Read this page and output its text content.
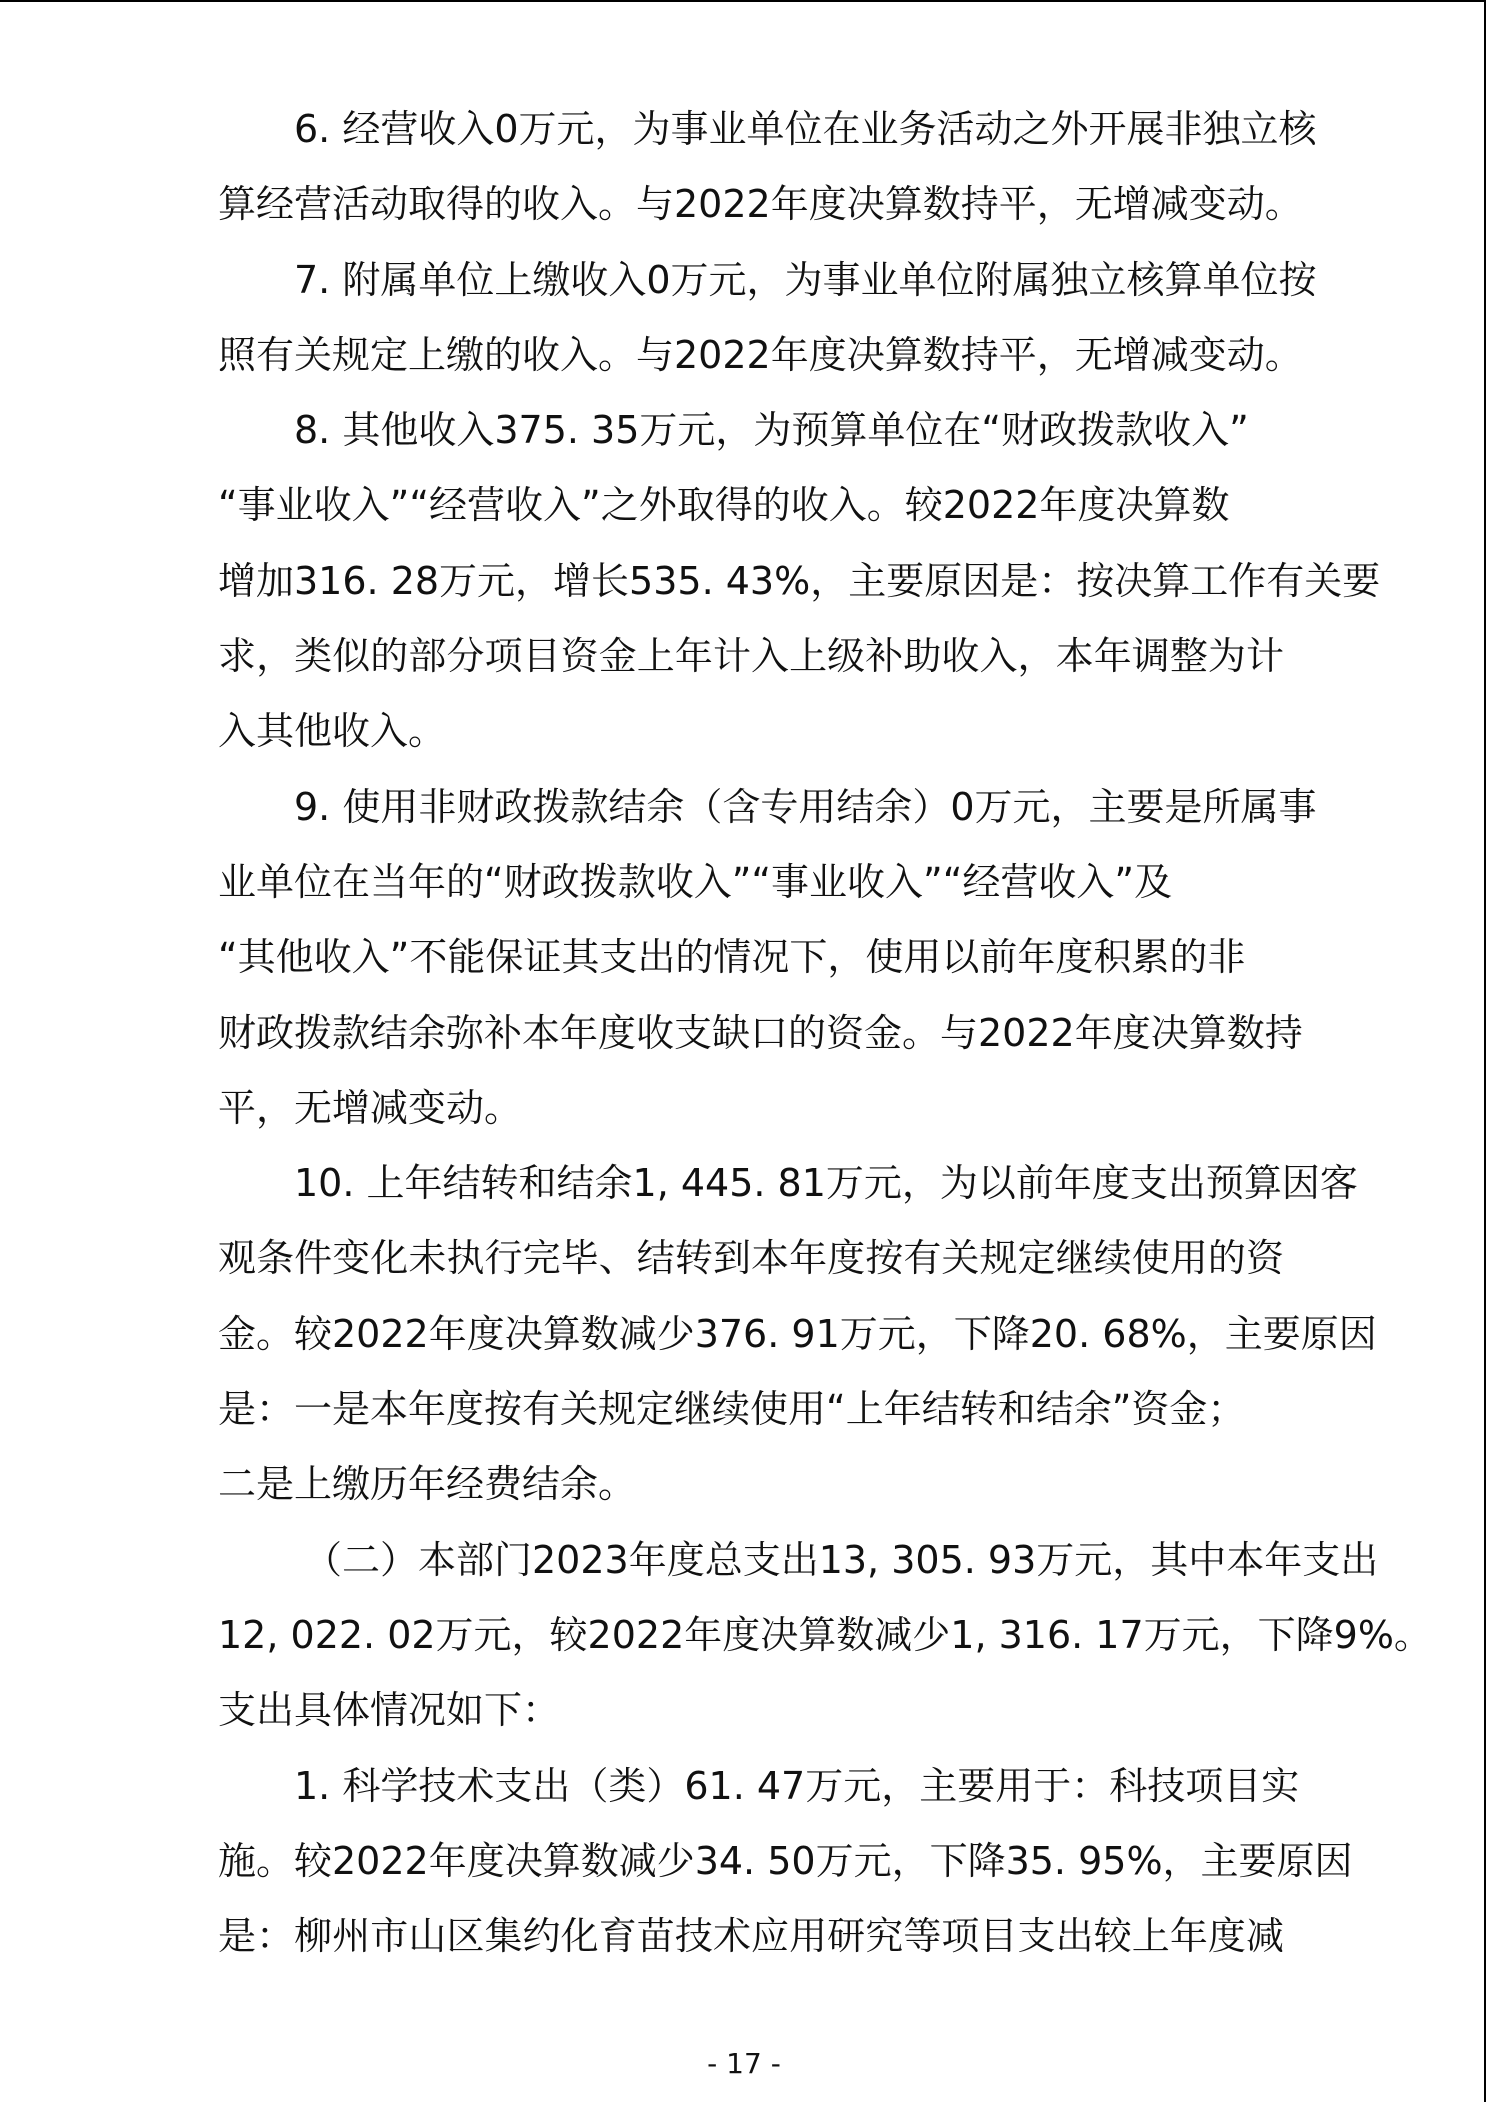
6. 经营收入0万元，为事业单位在业务活动之外开展非独立核
算经营活动取得的收入。与2022年度决算数持平，无增减变动。
7. 附属单位上缴收入0万元，为事业单位附属独立核算单位按
照有关规定上缴的收入。与2022年度决算数持平，无增减变动。
8. 其他收入375. 35万元，为预算单位在“财政拨款收入”
“事业收入”“经营收入”之外取得的收入。较2022年度决算数
增加316. 28万元，增长535. 43%，主要原因是：按决算工作有关要
求，类似的部分项目资金上年计入上级补助收入，本年调整为计
入其他收入。
9. 使用非财政拨款结余（含专用结余）0万元，主要是所属事
业单位在当年的“财政拨款收入”“事业收入”“经营收入”及
“其他收入”不能保证其支出的情况下，使用以前年度积累的非
财政拨款结余弥补本年度收支缺口的资金。与2022年度决算数持
平，无增减变动。
10. 上年结转和结余1, 445. 81万元，为以前年度支出预算因客
观条件变化未执行完毕、结转到本年度按有关规定继续使用的资
金。较2022年度决算数减少376. 91万元，下降20. 68%，主要原因
是：一是本年度按有关规定继续使用“上年结转和结余”资金；
二是上缴历年经费结余。
（二）本部门2023年度总支出13, 305. 93万元，其中本年支出
12, 022. 02万元，较2022年度决算数减少1, 316. 17万元，下降9%。
支出具体情况如下：
1. 科学技术支出（类）61. 47万元，主要用于：科技项目实
施。较2022年度决算数减少34. 50万元，下降35. 95%，主要原因
是：柳州市山区集约化育苗技术应用研究等项目支出较上年度减
- 17 -
